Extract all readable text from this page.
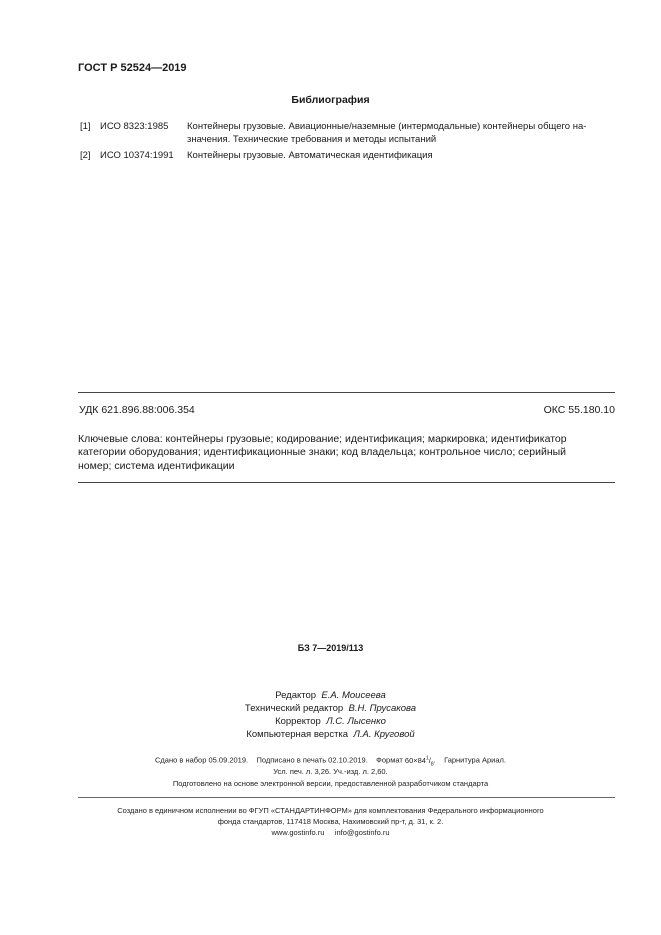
ГОСТ Р 52524—2019
Библиография
[1] ИСО 8323:1985 Контейнеры грузовые. Авиационные/наземные (интермодальные) контейнеры общего на-
значения. Технические требования и методы испытаний
[2] ИСО 10374:1991 Контейнеры грузовые. Автоматическая идентификация
УДК 621.896.88:006.354	ОКС 55.180.10
Ключевые слова: контейнеры грузовые; кодирование; идентификация; маркировка; идентификатор
категории оборудования; идентификационные знаки; код владельца; контрольное число; серийный
номер; система идентификации
БЗ 7—2019/113
Редактор Е.А. Моисеева
Технический редактор В.Н. Прусакова
Корректор Л.С. Лысенко
Компьютерная верстка Л.А. Круговой
Сдано в набор 05.09.2019. Подписано в печать 02.10.2019. Формат $60\times 84^1/_8$.    Гарнитура Ариал.
Усл. печ. л. 3,26. Уч.-изд. л. 2,60.
Подготовлено на основе электронной версии, предоставленной разработчиком стандарта
Создано в единичном исполнении во ФГУП «СТАНДАРТИНФОРМ» для комплектования Федерального информационного
фонда стандартов, 117418 Москва, Нахимовский пр-т, д. 31, к. 2.
www.gostinfo.ru info@gostinfo.ru
